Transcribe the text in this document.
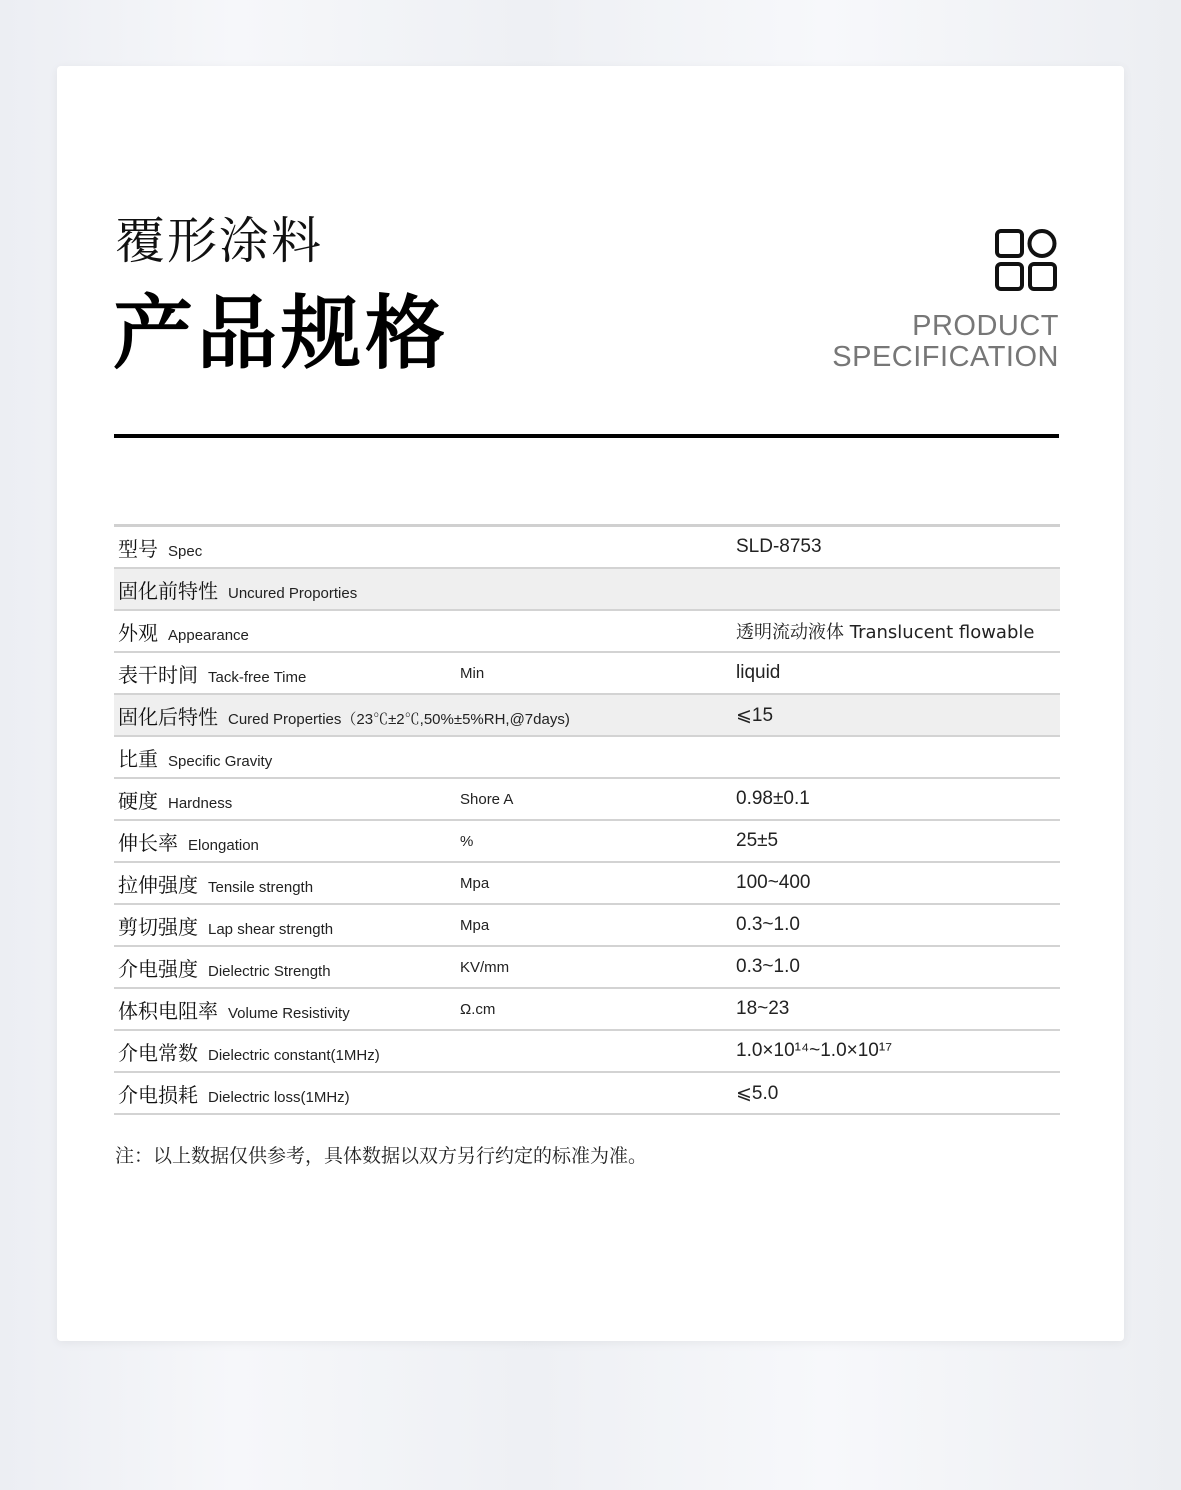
覆形涂料
产品规格	PRODUCT
SPECIFICATION
型号 Spec		SLD-8753
固化前特性 Uncured Proporties		
外观 Appearance		透明流动液体 Translucent flowable
表干时间 Tack-free Time	Min	liquid
固化后特性 Cured Properties（23℃±2℃,50%±5%RH,@7days)		⩽15
比重 Specific Gravity		
硬度 Hardness	Shore A	0.98±0.1
伸长率 Elongation	%	25±5
拉伸强度 Tensile strength	Mpa	100~400
剪切强度 Lap shear strength	Mpa	0.3~1.0
介电强度 Dielectric Strength	KV/mm	0.3~1.0
体积电阻率 Volume Resistivity	Ω.cm	18~23
介电常数 Dielectric constant(1MHz)		1.0×10¹⁴~1.0×10¹⁷
介电损耗 Dielectric loss(1MHz)		⩽5.0
注：以上数据仅供参考，具体数据以双方另行约定的标准为准。
